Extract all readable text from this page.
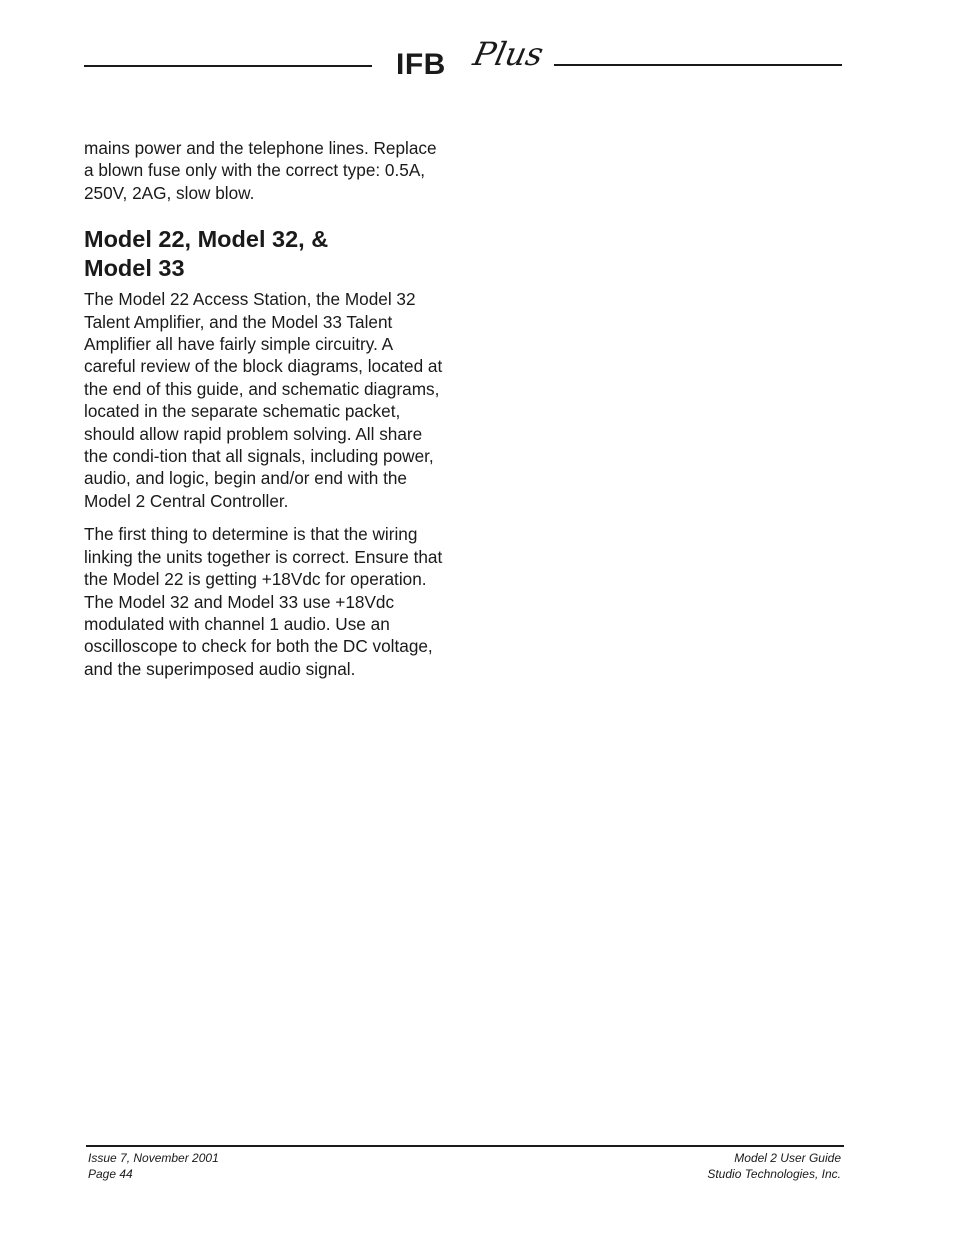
IFB Plus

mains power and the telephone lines. Replace a blown fuse only with the correct type: 0.5A, 250V, 2AG, slow blow.

Model 22, Model 32, &
Model 33

The Model 22 Access Station, the Model 32 Talent Amplifier, and the Model 33 Talent Amplifier all have fairly simple circuitry. A careful review of the block diagrams, located at the end of this guide, and schematic diagrams, located in the separate schematic packet, should allow rapid problem solving. All share the condi-tion that all signals, including power, audio, and logic, begin and/or end with the Model 2 Central Controller.

The first thing to determine is that the wiring linking the units together is correct. Ensure that the Model 22 is getting +18Vdc for operation. The Model 32 and Model 33 use +18Vdc modulated with channel 1 audio. Use an oscilloscope to check for both the DC voltage, and the superimposed audio signal.

Issue 7, November 2001
Page 44
Model 2 User Guide
Studio Technologies, Inc.
